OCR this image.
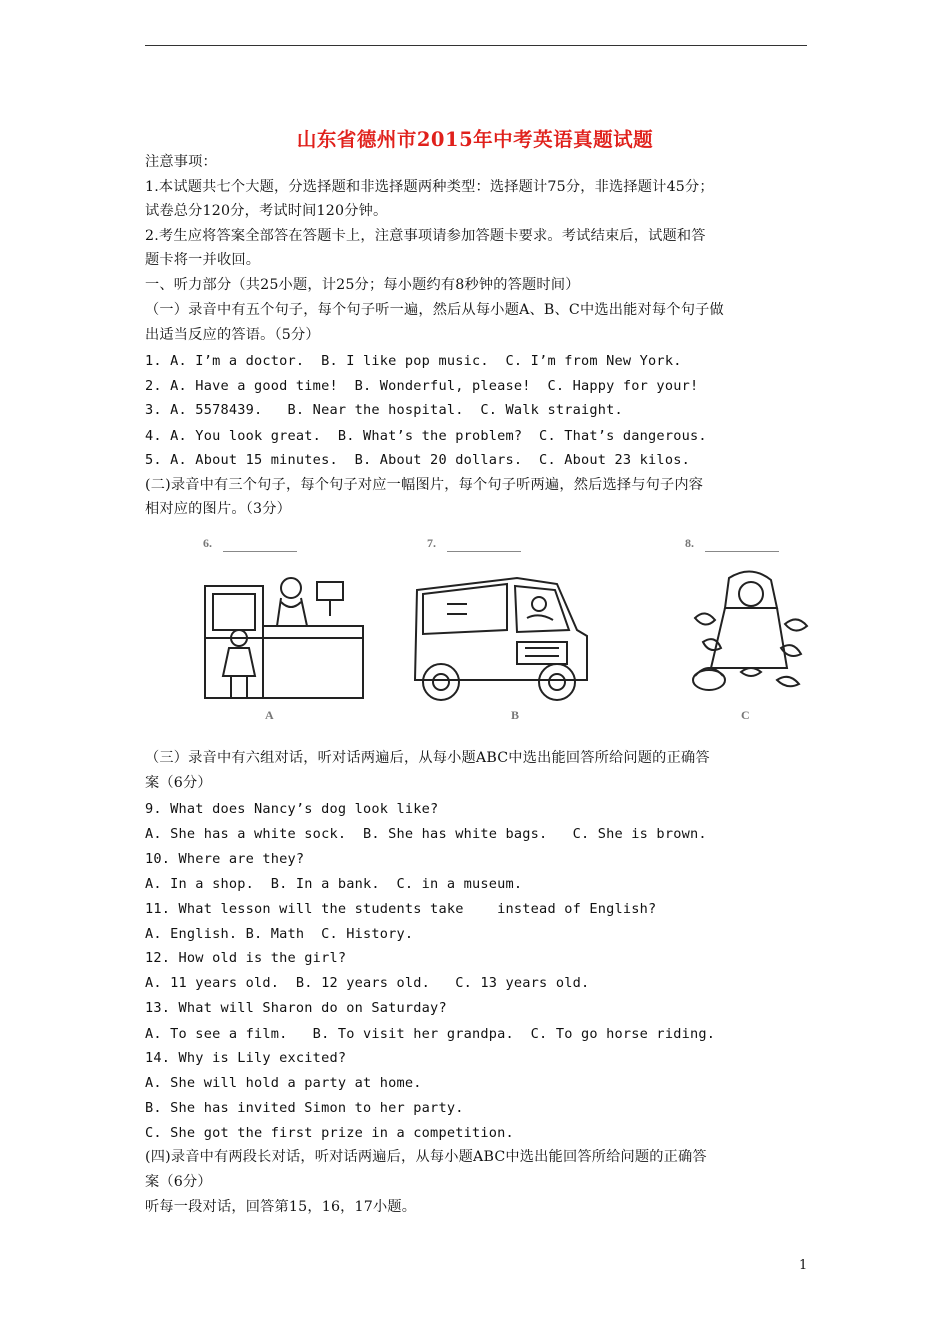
山东省德州市2015年中考英语真题试题
注意事项：
1.本试题共七个大题，分选择题和非选择题两种类型：选择题计75分，非选择题计45分；
试卷总分120分，考试时间120分钟。
2.考生应将答案全部答在答题卡上，注意事项请参加答题卡要求。考试结束后，试题和答
题卡将一并收回。
一、听力部分（共25小题，计25分；每小题约有8秒钟的答题时间）
（一）录音中有五个句子，每个句子听一遍，然后从每小题A、B、C中选出能对每个句子做
出适当反应的答语。（5分）
1. A. I’m a doctor.  B. I like pop music.  C. I’m from New York.
2. A. Have a good time!  B. Wonderful, please!  C. Happy for your!
3. A. 5578439.   B. Near the hospital.  C. Walk straight.
4. A. You look great.  B. What’s the problem?  C. That’s dangerous.
5. A. About 15 minutes.  B. About 20 dollars.  C. About 23 kilos.
(二)录音中有三个句子，每个句子对应一幅图片，每个句子听两遍，然后选择与句子内容
相对应的图片。（3分）
（三）录音中有六组对话，听对话两遍后，从每小题ABC中选出能回答所给问题的正确答
案（6分）
9. What does Nancy’s dog look like?
A. She has a white sock.  B. She has white bags.   C. She is brown.
10. Where are they?
A. In a shop.  B. In a bank.  C. in a museum.
11. What lesson will the students take    instead of English?
A. English. B. Math  C. History.
12. How old is the girl?
A. 11 years old.  B. 12 years old.   C. 13 years old.
13. What will Sharon do on Saturday?
A. To see a film.   B. To visit her grandpa.  C. To go horse riding.
14. Why is Lily excited?
A. She will hold a party at home.
B. She has invited Simon to her party.
C. She got the first prize in a competition.
(四)录音中有两段长对话，听对话两遍后，从每小题ABC中选出能回答所给问题的正确答
案（6分）
听每一段对话，回答第15，16，17小题。
6.	7.	8.
A	B	C
1
